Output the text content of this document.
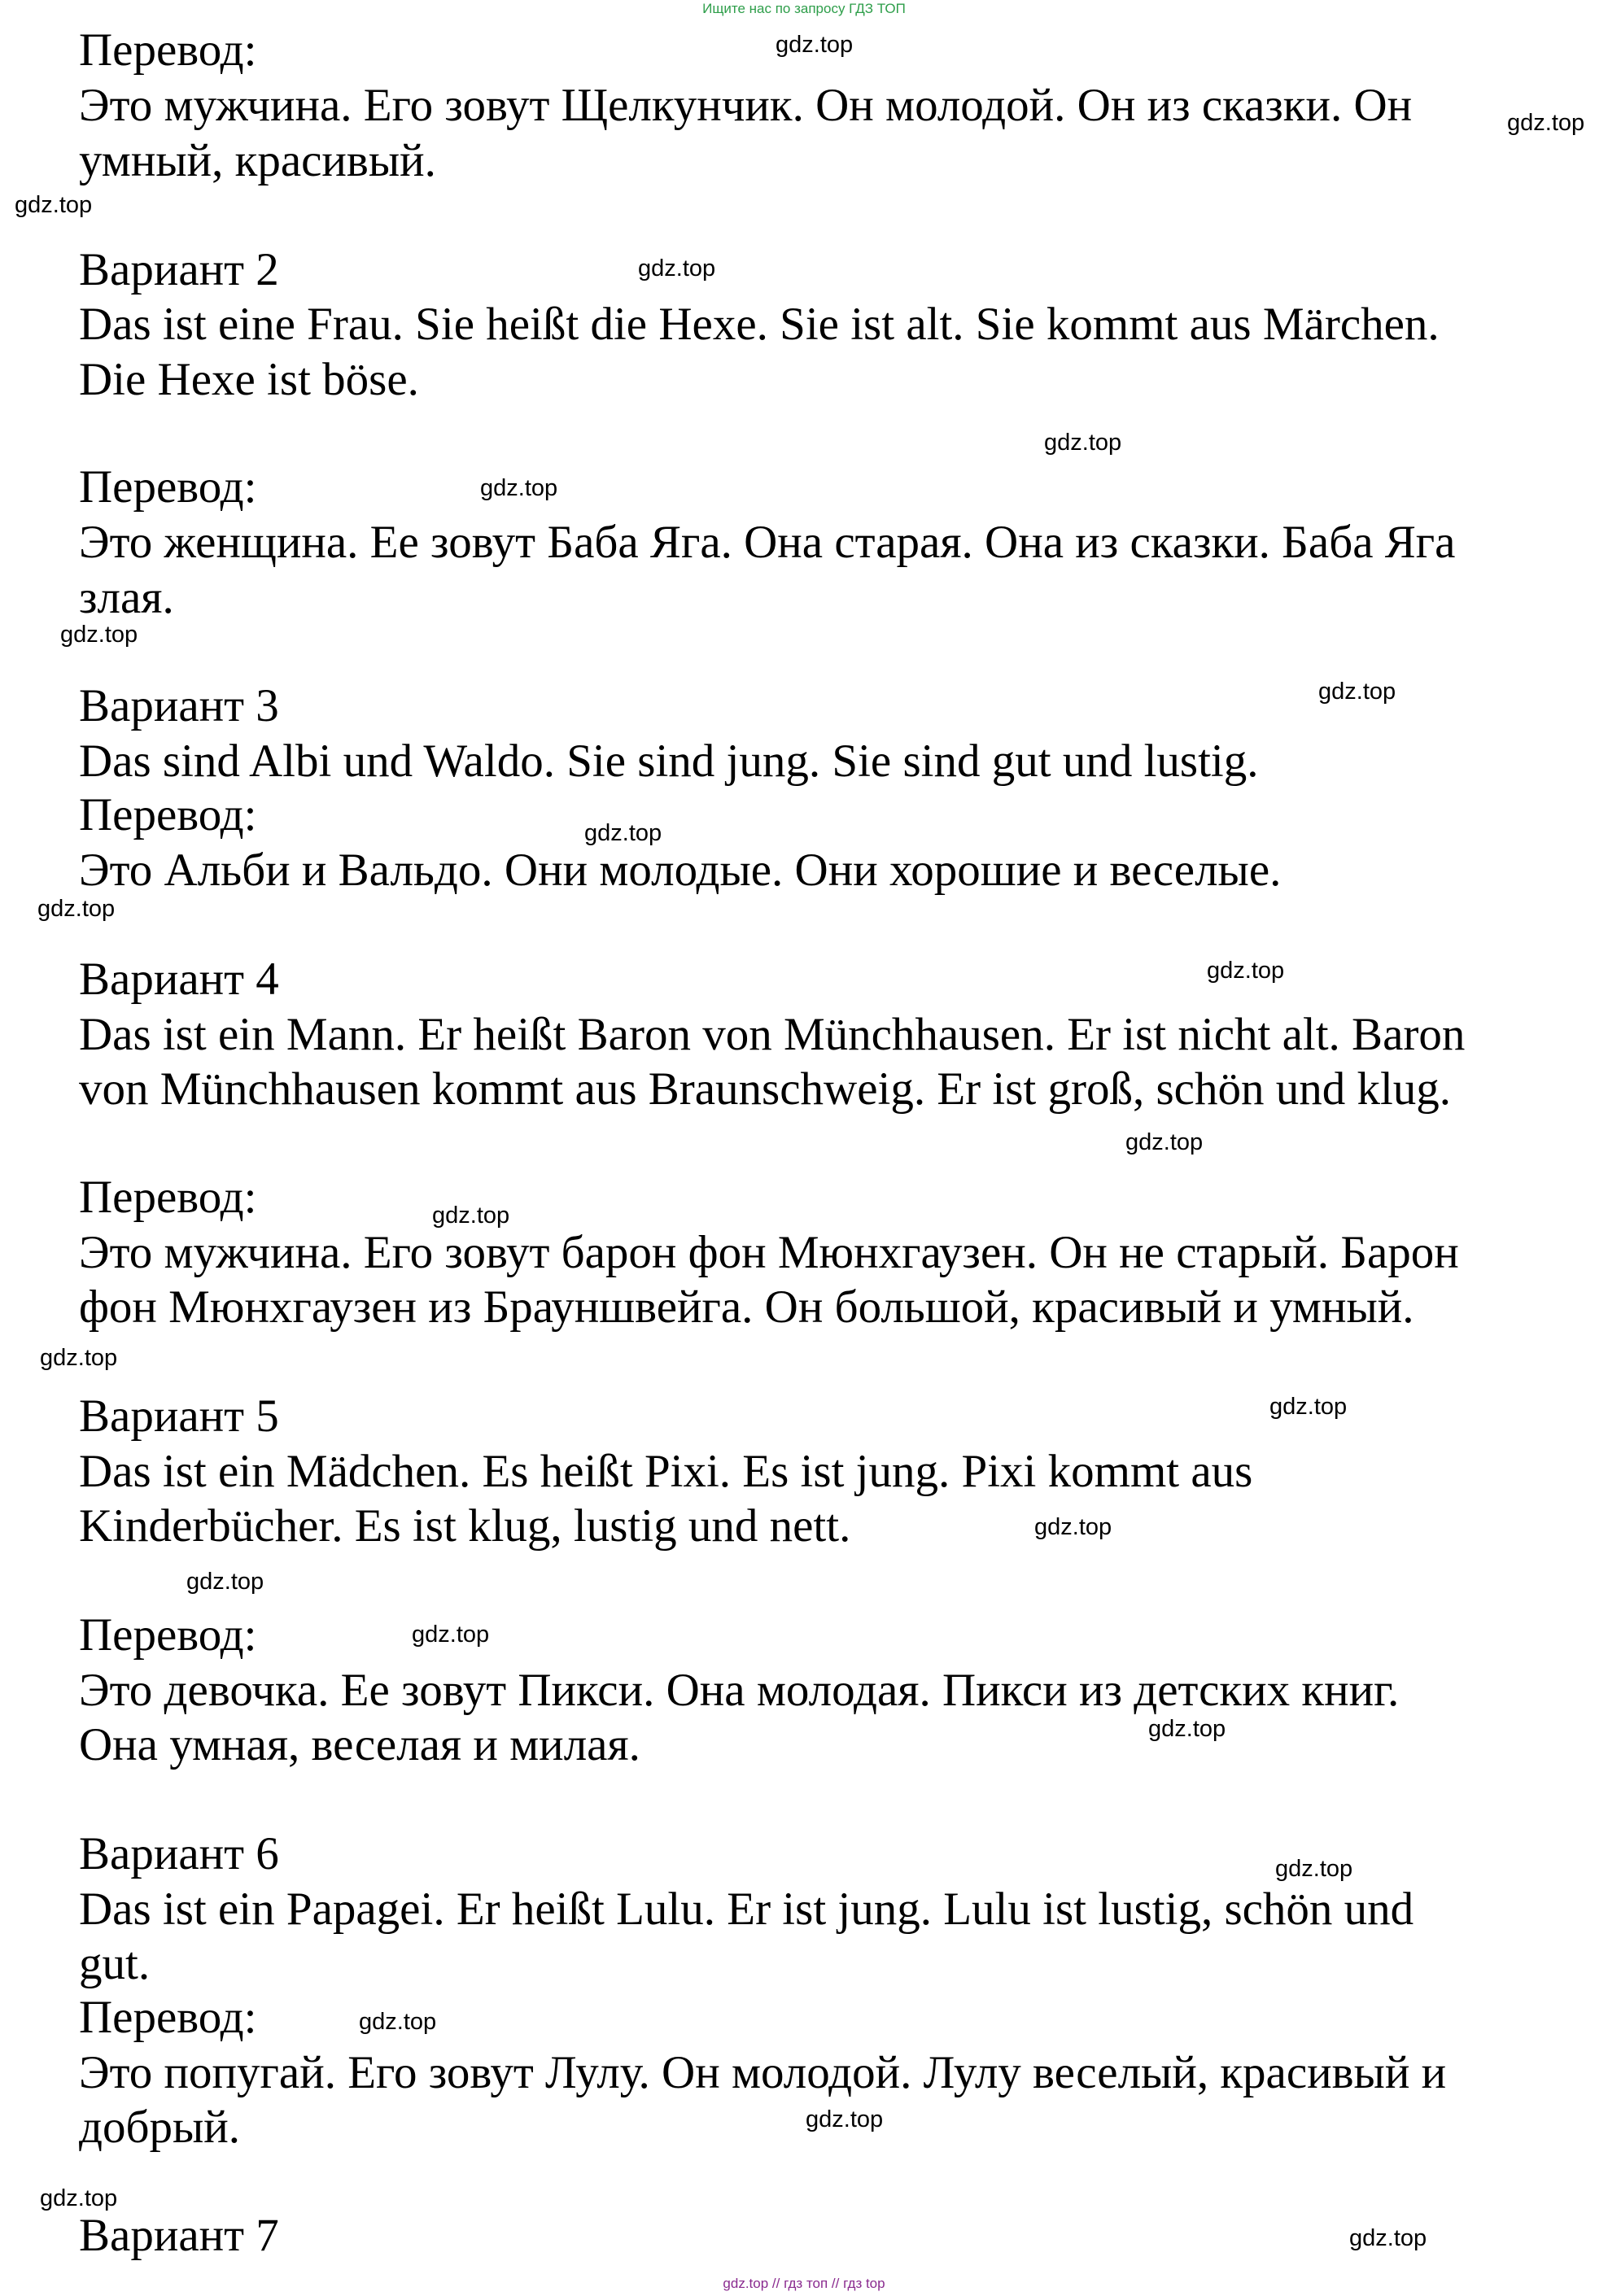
Ищите нас по запросу ГДЗ ТОП

Перевод:

Это мужчина. Его зовут Щелкунчик. Он молодой. Он из сказки. Он

умный, красивый.

Вариант 2

Das ist eine Frau. Sie heißt die Hexe. Sie ist alt. Sie kommt aus Märchen.

Die Hexe ist böse.

Перевод:

Это женщина. Ее зовут Баба Яга. Она старая. Она из сказки. Баба Яга

злая.

Вариант 3

Das sind Albi und Waldo. Sie sind jung. Sie sind gut und lustig.

Перевод:

Это Альби и Вальдо. Они молодые. Они хорошие и веселые.

Вариант 4

Das ist ein Mann. Er heißt Baron von Münchhausen. Er ist nicht alt. Baron

von Münchhausen kommt aus Braunschweig. Er ist groß, schön und klug.

Перевод:

Это мужчина. Его зовут барон фон Мюнхгаузен. Он не старый. Барон

фон Мюнхгаузен из Брауншвейга. Он большой, красивый и умный.

Вариант 5

Das ist ein Mädchen. Es heißt Pixi. Es ist jung. Pixi kommt aus

Kinderbücher. Es ist klug, lustig und nett.

Перевод:

Это девочка. Ее зовут Пикси. Она молодая. Пикси из детских книг.

Она умная, веселая и милая.

Вариант 6

Das ist ein Papagei. Er heißt Lulu. Er ist jung. Lulu ist lustig, schön und

gut.

Перевод:

Это попугай. Его зовут Лулу. Он молодой. Лулу веселый, красивый и

добрый.

Вариант 7

gdz.top
gdz.top
gdz.top
gdz.top
gdz.top
gdz.top
gdz.top
gdz.top
gdz.top
gdz.top
gdz.top
gdz.top
gdz.top
gdz.top
gdz.top
gdz.top
gdz.top
gdz.top
gdz.top
gdz.top
gdz.top
gdz.top
gdz.top
gdz.top
gdz.top // гдз топ // гдз top
